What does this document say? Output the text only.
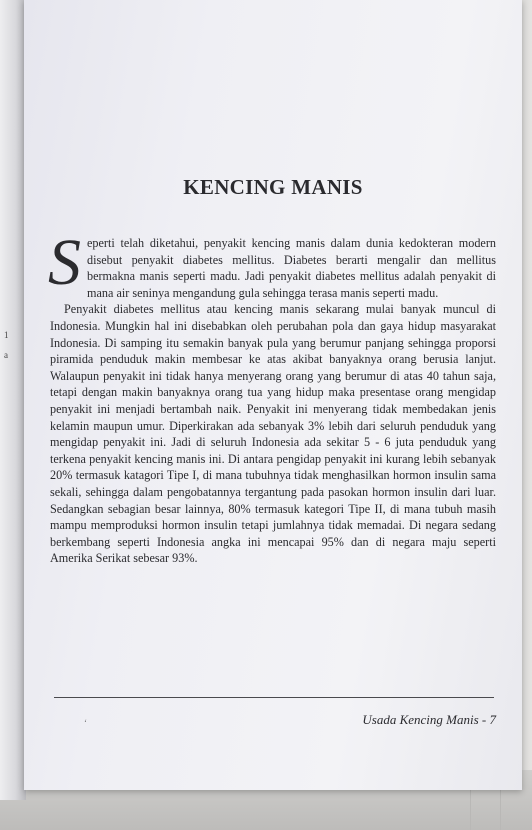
1
a
KENCING MANIS

S eperti telah diketahui, penyakit kencing manis dalam dunia kedokteran modern disebut penyakit diabetes mellitus. Diabetes berarti mengalir dan mellitus bermakna manis seperti madu. Jadi penyakit diabetes mellitus adalah penyakit di mana air seninya mengandung gula sehingga terasa manis seperti madu.

Penyakit diabetes mellitus atau kencing manis sekarang mulai banyak muncul di Indonesia. Mungkin hal ini disebabkan oleh perubahan pola dan gaya hidup masyarakat Indonesia. Di samping itu semakin banyak pula yang berumur panjang sehingga proporsi piramida penduduk makin membesar ke atas akibat banyaknya orang berusia lanjut. Walaupun penyakit ini tidak hanya menyerang orang yang berumur di atas 40 tahun saja, tetapi dengan makin banyaknya orang tua yang hidup maka presentase orang mengidap penyakit ini menjadi bertambah naik. Penyakit ini menyerang tidak membedakan jenis kelamin maupun umur. Diperkirakan ada sebanyak 3% lebih dari seluruh penduduk yang mengidap penyakit ini. Jadi di seluruh Indonesia ada sekitar 5 - 6 juta penduduk yang terkena penyakit kencing manis ini. Di antara pengidap penyakit ini kurang lebih sebanyak 20% termasuk katagori Tipe I, di mana tubuhnya tidak menghasilkan hormon insulin sama sekali, sehingga dalam pengobatannya tergantung pada pasokan hormon insulin dari luar. Sedangkan sebagian besar lainnya, 80% termasuk kategori Tipe II, di mana tubuh masih mampu memproduksi hormon insulin tetapi jumlahnya tidak memadai. Di negara sedang berkembang seperti Indonesia angka ini mencapai 95% dan di negara maju seperti Amerika Serikat sebesar 93%.

‘	Usada Kencing Manis - 7
